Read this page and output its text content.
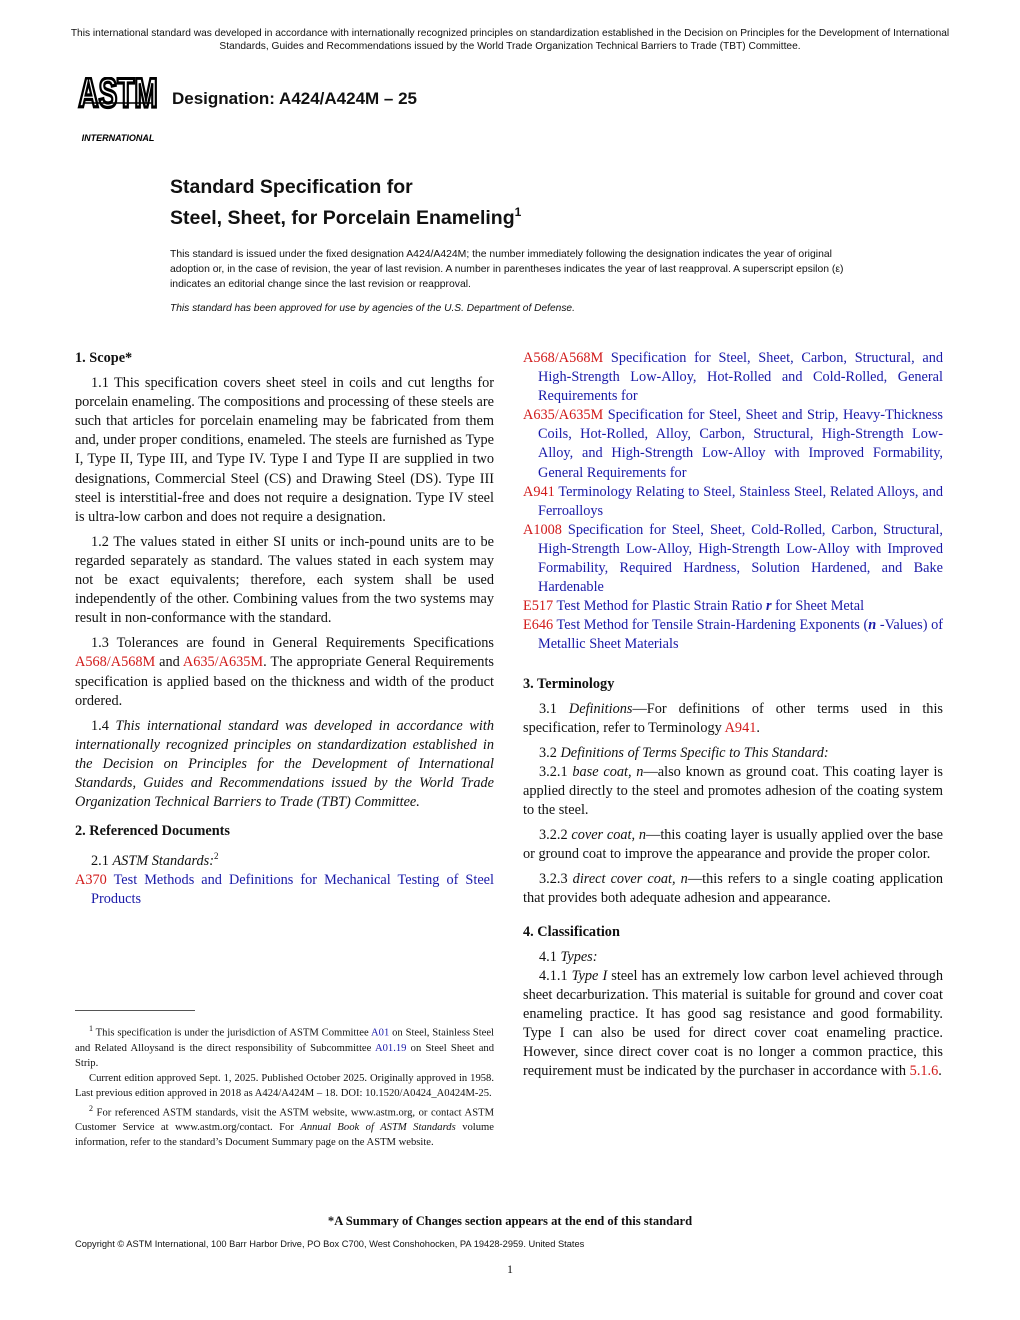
This international standard was developed in accordance with internationally recognized principles on standardization established in the Decision on Principles for the Development of International Standards, Guides and Recommendations issued by the World Trade Organization Technical Barriers to Trade (TBT) Committee.
ASTM
INTERNATIONAL
Designation: A424/A424M – 25
Standard Specification for
Steel, Sheet, for Porcelain Enameling$^1$
This standard is issued under the fixed designation A424/A424M; the number immediately following the designation indicates the year of original adoption or, in the case of revision, the year of last revision. A number in parentheses indicates the year of last reapproval. A superscript epsilon (ε) indicates an editorial change since the last revision or reapproval.
This standard has been approved for use by agencies of the U.S. Department of Defense.
1. Scope*

1.1 This specification covers sheet steel in coils and cut lengths for porcelain enameling. The compositions and processing of these steels are such that articles for porcelain enameling may be fabricated from them and, under proper conditions, enameled. The steels are furnished as Type I, Type II, Type III, and Type IV. Type I and Type II are supplied in two designations, Commercial Steel (CS) and Drawing Steel (DS). Type III steel is interstitial-free and does not require a designation. Type IV steel is ultra-low carbon and does not require a designation.

1.2 The values stated in either SI units or inch-pound units are to be regarded separately as standard. The values stated in each system may not be exact equivalents; therefore, each system shall be used independently of the other. Combining values from the two systems may result in non-conformance with the standard.

1.3 Tolerances are found in General Requirements Specifications A568/A568M and A635/A635M. The appropriate General Requirements specification is applied based on the thickness and width of the product ordered.

1.4 This international standard was developed in accordance with internationally recognized principles on standardization established in the Decision on Principles for the Development of International Standards, Guides and Recommendations issued by the World Trade Organization Technical Barriers to Trade (TBT) Committee.

2. Referenced Documents

2.1 ASTM Standards:$^2$

A370 Test Methods and Definitions for Mechanical Testing of Steel Products

$^1$ This specification is under the jurisdiction of ASTM Committee A01 on Steel, Stainless Steel and Related Alloysand is the direct responsibility of Subcommittee A01.19 on Steel Sheet and Strip.

Current edition approved Sept. 1, 2025. Published October 2025. Originally approved in 1958. Last previous edition approved in 2018 as A424/A424M – 18. DOI: 10.1520/A0424_A0424M-25.

$^2$ For referenced ASTM standards, visit the ASTM website, www.astm.org, or contact ASTM Customer Service at www.astm.org/contact. For Annual Book of ASTM Standards volume information, refer to the standard’s Document Summary page on the ASTM website.

A568/A568M Specification for Steel, Sheet, Carbon, Structural, and High-Strength Low-Alloy, Hot-Rolled and Cold-Rolled, General Requirements for

A635/A635M Specification for Steel, Sheet and Strip, Heavy-Thickness Coils, Hot-Rolled, Alloy, Carbon, Structural, High-Strength Low-Alloy, and High-Strength Low-Alloy with Improved Formability, General Requirements for

A941 Terminology Relating to Steel, Stainless Steel, Related Alloys, and Ferroalloys

A1008 Specification for Steel, Sheet, Cold-Rolled, Carbon, Structural, High-Strength Low-Alloy, High-Strength Low-Alloy with Improved Formability, Required Hardness, Solution Hardened, and Bake Hardenable

E517 Test Method for Plastic Strain Ratio r for Sheet Metal

E646 Test Method for Tensile Strain-Hardening Exponents (n -Values) of Metallic Sheet Materials

3. Terminology

3.1 Definitions—For definitions of other terms used in this specification, refer to Terminology A941.

3.2 Definitions of Terms Specific to This Standard:

3.2.1 base coat, n—also known as ground coat. This coating layer is applied directly to the steel and promotes adhesion of the coating system to the steel.

3.2.2 cover coat, n—this coating layer is usually applied over the base or ground coat to improve the appearance and provide the proper color.

3.2.3 direct cover coat, n—this refers to a single coating application that provides both adequate adhesion and appearance.

4. Classification

4.1 Types:

4.1.1 Type I steel has an extremely low carbon level achieved through sheet decarburization. This material is suitable for ground and cover coat enameling practice. It has good sag resistance and good formability. Type I can also be used for direct cover coat enameling practice. However, since direct cover coat is no longer a common practice, this requirement must be indicated by the purchaser in accordance with 5.1.6.

*A Summary of Changes section appears at the end of this standard
Copyright © ASTM International, 100 Barr Harbor Drive, PO Box C700, West Conshohocken, PA 19428-2959. United States
1
